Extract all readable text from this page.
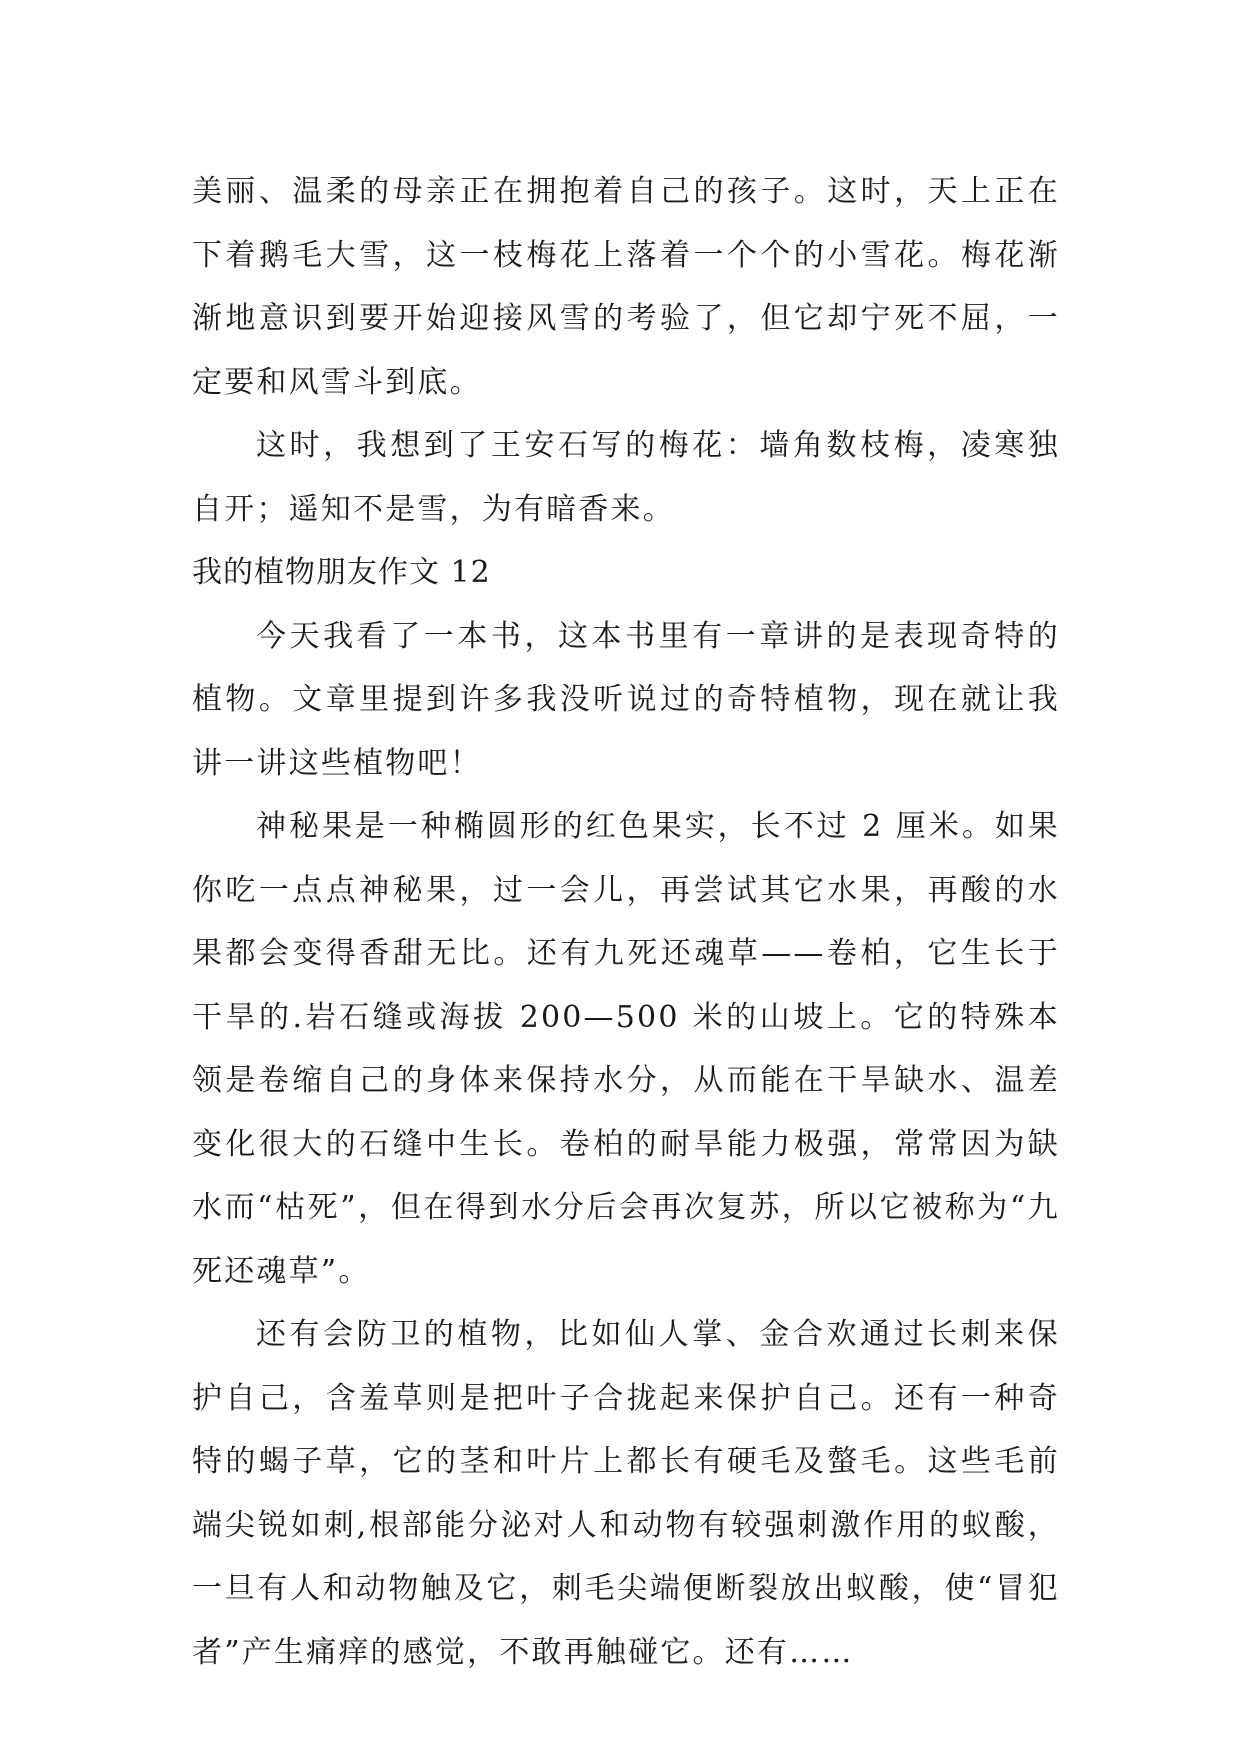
美丽、温柔的母亲正在拥抱着自己的孩子。这时，天上正在下着鹅毛大雪，这一枝梅花上落着一个个的小雪花。梅花渐渐地意识到要开始迎接风雪的考验了，但它却宁死不屈，一定要和风雪斗到底。

这时，我想到了王安石写的梅花：墙角数枝梅，凌寒独自开；遥知不是雪，为有暗香来。

我的植物朋友作文 12

今天我看了一本书，这本书里有一章讲的是表现奇特的植物。文章里提到许多我没听说过的奇特植物，现在就让我讲一讲这些植物吧！

神秘果是一种椭圆形的红色果实，长不过 2 厘米。如果你吃一点点神秘果，过一会儿，再尝试其它水果，再酸的水果都会变得香甜无比。还有九死还魂草——卷柏，它生长于干旱的.岩石缝或海拔 200—500 米的山坡上。它的特殊本领是卷缩自己的身体来保持水分，从而能在干旱缺水、温差变化很大的石缝中生长。卷柏的耐旱能力极强，常常因为缺水而“枯死”，但在得到水分后会再次复苏，所以它被称为“九死还魂草”。

还有会防卫的植物，比如仙人掌、金合欢通过长刺来保护自己，含羞草则是把叶子合拢起来保护自己。还有一种奇特的蝎子草，它的茎和叶片上都长有硬毛及螫毛。这些毛前端尖锐如刺,根部能分泌对人和动物有较强刺激作用的蚁酸，一旦有人和动物触及它，刺毛尖端便断裂放出蚁酸，使“冒犯者”产生痛痒的感觉，不敢再触碰它。还有……
